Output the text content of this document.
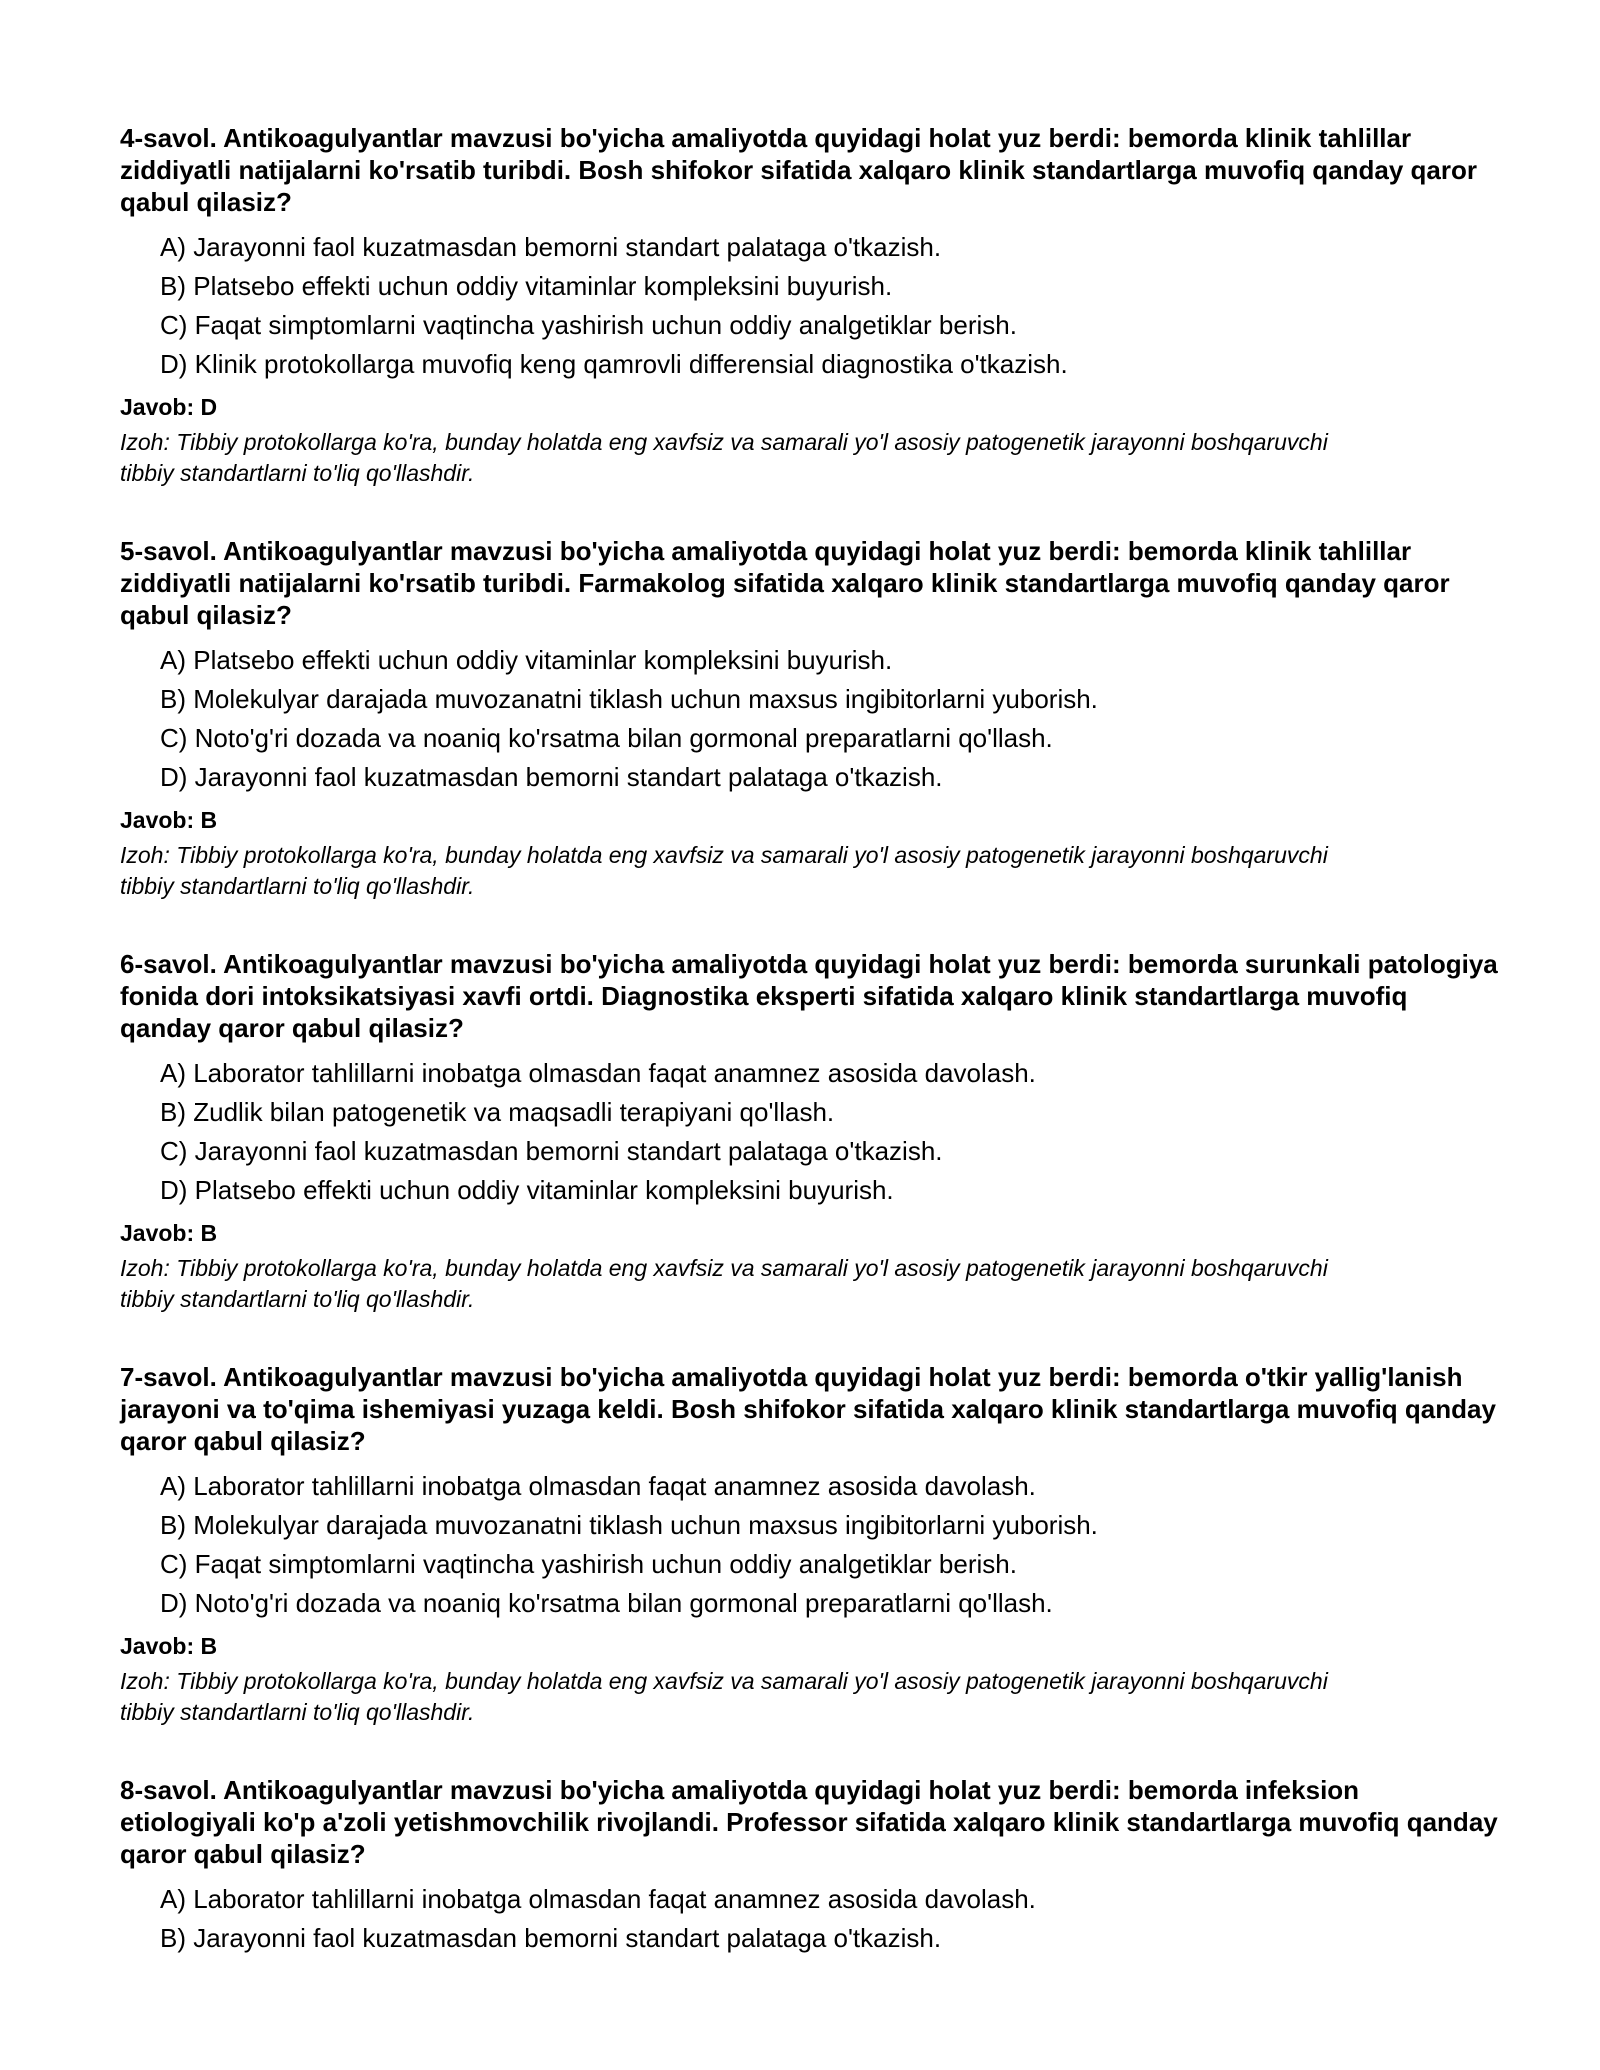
4-savol. Antikoagulyantlar mavzusi bo'yicha amaliyotda quyidagi holat yuz berdi: bemorda klinik tahlillar ziddiyatli natijalarni ko'rsatib turibdi. Bosh shifokor sifatida xalqaro klinik standartlarga muvofiq qanday qaror qabul qilasiz?

A) Jarayonni faol kuzatmasdan bemorni standart palataga o'tkazish.
B) Platsebo effekti uchun oddiy vitaminlar kompleksini buyurish.
C) Faqat simptomlarni vaqtincha yashirish uchun oddiy analgetiklar berish.
D) Klinik protokollarga muvofiq keng qamrovli differensial diagnostika o'tkazish.

Javob: D

Izoh: Tibbiy protokollarga ko'ra, bunday holatda eng xavfsiz va samarali yo'l asosiy patogenetik jarayonni boshqaruvchi tibbiy standartlarni to'liq qo'llashdir.

5-savol. Antikoagulyantlar mavzusi bo'yicha amaliyotda quyidagi holat yuz berdi: bemorda klinik tahlillar ziddiyatli natijalarni ko'rsatib turibdi. Farmakolog sifatida xalqaro klinik standartlarga muvofiq qanday qaror qabul qilasiz?

A) Platsebo effekti uchun oddiy vitaminlar kompleksini buyurish.
B) Molekulyar darajada muvozanatni tiklash uchun maxsus ingibitorlarni yuborish.
C) Noto'g'ri dozada va noaniq ko'rsatma bilan gormonal preparatlarni qo'llash.
D) Jarayonni faol kuzatmasdan bemorni standart palataga o'tkazish.

Javob: B

Izoh: Tibbiy protokollarga ko'ra, bunday holatda eng xavfsiz va samarali yo'l asosiy patogenetik jarayonni boshqaruvchi tibbiy standartlarni to'liq qo'llashdir.

6-savol. Antikoagulyantlar mavzusi bo'yicha amaliyotda quyidagi holat yuz berdi: bemorda surunkali patologiya fonida dori intoksikatsiyasi xavfi ortdi. Diagnostika eksperti sifatida xalqaro klinik standartlarga muvofiq qanday qaror qabul qilasiz?

A) Laborator tahlillarni inobatga olmasdan faqat anamnez asosida davolash.
B) Zudlik bilan patogenetik va maqsadli terapiyani qo'llash.
C) Jarayonni faol kuzatmasdan bemorni standart palataga o'tkazish.
D) Platsebo effekti uchun oddiy vitaminlar kompleksini buyurish.

Javob: B

Izoh: Tibbiy protokollarga ko'ra, bunday holatda eng xavfsiz va samarali yo'l asosiy patogenetik jarayonni boshqaruvchi tibbiy standartlarni to'liq qo'llashdir.

7-savol. Antikoagulyantlar mavzusi bo'yicha amaliyotda quyidagi holat yuz berdi: bemorda o'tkir yallig'lanish jarayoni va to'qima ishemiyasi yuzaga keldi. Bosh shifokor sifatida xalqaro klinik standartlarga muvofiq qanday qaror qabul qilasiz?

A) Laborator tahlillarni inobatga olmasdan faqat anamnez asosida davolash.
B) Molekulyar darajada muvozanatni tiklash uchun maxsus ingibitorlarni yuborish.
C) Faqat simptomlarni vaqtincha yashirish uchun oddiy analgetiklar berish.
D) Noto'g'ri dozada va noaniq ko'rsatma bilan gormonal preparatlarni qo'llash.

Javob: B

Izoh: Tibbiy protokollarga ko'ra, bunday holatda eng xavfsiz va samarali yo'l asosiy patogenetik jarayonni boshqaruvchi tibbiy standartlarni to'liq qo'llashdir.

8-savol. Antikoagulyantlar mavzusi bo'yicha amaliyotda quyidagi holat yuz berdi: bemorda infeksion etiologiyali ko'p a'zoli yetishmovchilik rivojlandi. Professor sifatida xalqaro klinik standartlarga muvofiq qanday qaror qabul qilasiz?

A) Laborator tahlillarni inobatga olmasdan faqat anamnez asosida davolash.
B) Jarayonni faol kuzatmasdan bemorni standart palataga o'tkazish.
